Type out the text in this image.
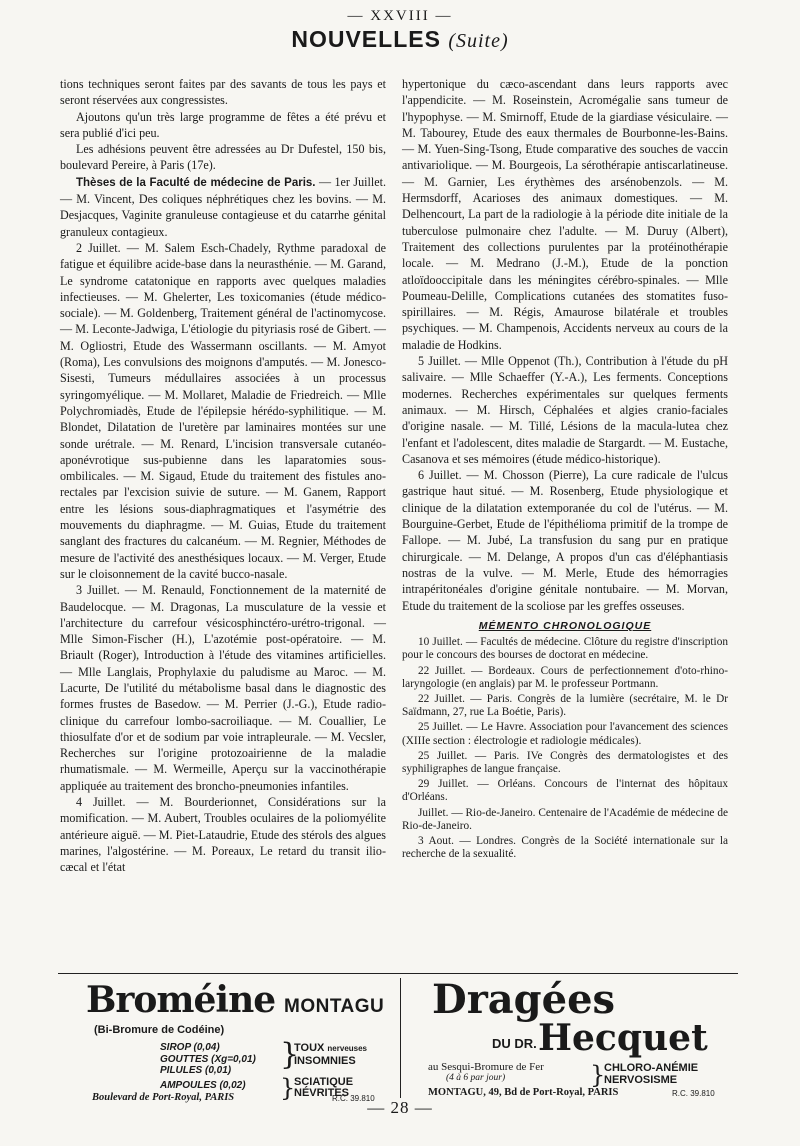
— XXVIII —
NOUVELLES (Suite)

tions techniques seront faites par des savants de tous les pays et seront réservées aux congressistes.

Ajoutons qu'un très large programme de fêtes a été prévu et sera publié d'ici peu.

Les adhésions peuvent être adressées au Dr Dufestel, 150 bis, boulevard Pereire, à Paris (17e).

Thèses de la Faculté de médecine de Paris. — 1er Juillet. — M. Vincent, Des coliques néphrétiques chez les bovins. — M. Desjacques, Vaginite granuleuse contagieuse et du catarrhe génital granuleux contagieux.

2 Juillet. — M. Salem Esch-Chadely, Rythme paradoxal de fatigue et équilibre acide-base dans la neurasthénie. — M. Garand, Le syndrome catatonique en rapports avec quelques maladies infectieuses. — M. Ghelerter, Les toxicomanies (étude médico-sociale). — M. Goldenberg, Traitement général de l'actinomycose. — M. Leconte-Jadwiga, L'étiologie du pityriasis rosé de Gibert. — M. Ogliostri, Etude des Wassermann oscillants. — M. Amyot (Roma), Les convulsions des moignons d'amputés. — M. Jonesco-Sisesti, Tumeurs médullaires associées à un processus syringomyélique. — M. Mollaret, Maladie de Friedreich. — Mlle Polychromiadès, Etude de l'épilepsie hérédo-syphilitique. — M. Blondet, Dilatation de l'uretère par laminaires montées sur une sonde urétrale. — M. Renard, L'incision transversale cutanéo-aponévrotique sus-pubienne dans les laparatomies sous-ombilicales. — M. Sigaud, Etude du traitement des fistules ano-rectales par l'excision suivie de suture. — M. Ganem, Rapport entre les lésions sous-diaphragmatiques et l'asymétrie des mouvements du diaphragme. — M. Guias, Etude du traitement sanglant des fractures du calcanéum. — M. Regnier, Méthodes de mesure de l'activité des anesthésiques locaux. — M. Verger, Etude sur le cloisonnement de la cavité bucco-nasale.

3 Juillet. — M. Renauld, Fonctionnement de la maternité de Baudelocque. — M. Dragonas, La musculature de la vessie et l'architecture du carrefour vésicosphinctéro-urétro-trigonal. — Mlle Simon-Fischer (H.), L'azotémie post-opératoire. — M. Briault (Roger), Introduction à l'étude des vitamines artificielles. — Mlle Langlais, Prophylaxie du paludisme au Maroc. — M. Lacurte, De l'utilité du métabolisme basal dans le diagnostic des formes frustes de Basedow. — M. Perrier (J.-G.), Etude radio-clinique du carrefour lombo-sacroiliaque. — M. Couallier, Le thiosulfate d'or et de sodium par voie intrapleurale. — M. Vecsler, Recherches sur l'origine protozoairienne de la maladie rhumatismale. — M. Wermeille, Aperçu sur la vaccinothérapie appliquée au traitement des broncho-pneumonies infantiles.

4 Juillet. — M. Bourderionnet, Considérations sur la momification. — M. Aubert, Troubles oculaires de la poliomyélite antérieure aiguë. — M. Piet-Lataudrie, Etude des stérols des algues marines, l'algostérine. — M. Poreaux, Le retard du transit ilio-cæcal et l'état

hypertonique du cæco-ascendant dans leurs rapports avec l'appendicite. — M. Roseinstein, Acromégalie sans tumeur de l'hypophyse. — M. Smirnoff, Etude de la giardiase vésiculaire. — M. Tabourey, Etude des eaux thermales de Bourbonne-les-Bains. — M. Yuen-Sing-Tsong, Etude comparative des souches de vaccin antivariolique. — M. Bourgeois, La sérothérapie antiscarlatineuse. — M. Garnier, Les érythèmes des arsénobenzols. — M. Hermsdorff, Acarioses des animaux domestiques. — M. Delhencourt, La part de la radiologie à la période dite initiale de la tuberculose pulmonaire chez l'adulte. — M. Duruy (Albert), Traitement des collections purulentes par la protéinothérapie locale. — M. Medrano (J.-M.), Etude de la ponction atloïdooccipitale dans les méningites cérébro-spinales. — Mlle Poumeau-Delille, Complications cutanées des stomatites fuso-spirillaires. — M. Régis, Amaurose bilatérale et troubles psychiques. — M. Champenois, Accidents nerveux au cours de la maladie de Hodkins.

5 Juillet. — Mlle Oppenot (Th.), Contribution à l'étude du pH salivaire. — Mlle Schaeffer (Y.-A.), Les ferments. Conceptions modernes. Recherches expérimentales sur quelques ferments animaux. — M. Hirsch, Céphalées et algies cranio-faciales d'origine nasale. — M. Tillé, Lésions de la macula-lutea chez l'enfant et l'adolescent, dites maladie de Stargardt. — M. Eustache, Casanova et ses mémoires (étude médico-historique).

6 Juillet. — M. Chosson (Pierre), La cure radicale de l'ulcus gastrique haut situé. — M. Rosenberg, Etude physiologique et clinique de la dilatation extemporanée du col de l'utérus. — M. Bourguine-Gerbet, Etude de l'épithélioma primitif de la trompe de Fallope. — M. Jubé, La transfusion du sang pur en pratique chirurgicale. — M. Delange, A propos d'un cas d'éléphantiasis nostras de la vulve. — M. Merle, Etude des hémorragies intrapéritonéales d'origine génitale nontubaire. — M. Morvan, Etude du traitement de la scoliose par les greffes osseuses.

MÉMENTO CHRONOLOGIQUE

10 Juillet. — Facultés de médecine. Clôture du registre d'inscription pour le concours des bourses de doctorat en médecine.

22 Juillet. — Bordeaux. Cours de perfectionnement d'oto-rhino-laryngologie (en anglais) par M. le professeur Portmann.

22 Juillet. — Paris. Congrès de la lumière (secrétaire, M. le Dr Saïdmann, 27, rue La Boétie, Paris).

25 Juillet. — Le Havre. Association pour l'avancement des sciences (XIIIe section : électrologie et radiologie médicales).

25 Juillet. — Paris. IVe Congrès des dermatologistes et des syphiligraphes de langue française.

29 Juillet. — Orléans. Concours de l'internat des hôpitaux d'Orléans.

Juillet. — Rio-de-Janeiro. Centenaire de l'Académie de médecine de Rio-de-Janeiro.

3 Aout. — Londres. Congrès de la Société internationale sur la recherche de la sexualité.

Broméine MONTAGU
(Bi-Bromure de Codéine)
SIROP (0,04)
GOUTTES (Xg=0,01)
PILULES (0,01)	}
TOUX nerveuses
INSOMNIES
AMPOULES (0,02) }
SCIATIQUE
NÉVRITES
Boulevard de Port-Royal, PARIS	R.C. 39.810
Dragées
DU DR. Hecquet
au Sesqui-Bromure de Fer
(4 à 6 par jour)	}
CHLORO-ANÉMIE
NERVOSISME
MONTAGU, 49, Bd de Port-Royal, PARIS	R.C. 39.810
— 28 —
